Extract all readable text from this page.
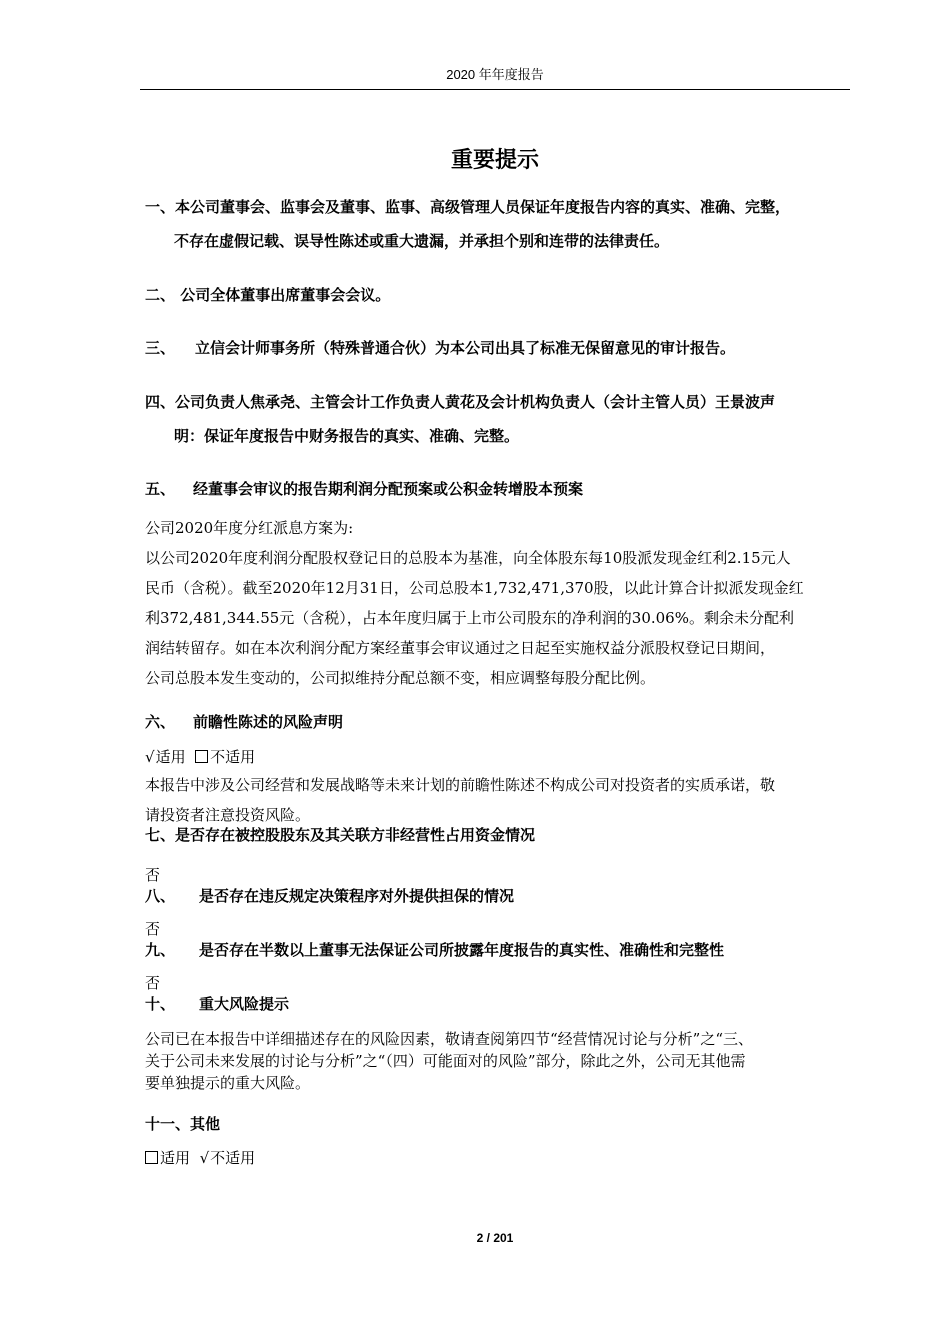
2020 年年度报告
重要提示
一、本公司董事会、监事会及董事、监事、高级管理人员保证年度报告内容的真实、准确、完整，
不存在虚假记载、误导性陈述或重大遗漏，并承担个别和连带的法律责任。
二、 公司全体董事出席董事会会议。
三、 立信会计师事务所（特殊普通合伙）为本公司出具了标准无保留意见的审计报告。
四、公司负责人焦承尧、主管会计工作负责人黄花及会计机构负责人（会计主管人员）王景波声
明：保证年度报告中财务报告的真实、准确、完整。
五、 经董事会审议的报告期利润分配预案或公积金转增股本预案
公司2020年度分红派息方案为:
以公司2020年度利润分配股权登记日的总股本为基准，向全体股东每10股派发现金红利2.15元人
民币（含税）。截至2020年12月31日，公司总股本1,732,471,370股，以此计算合计拟派发现金红
利372,481,344.55元（含税），占本年度归属于上市公司股东的净利润的30.06%。剩余未分配利
润结转留存。如在本次利润分配方案经董事会审议通过之日起至实施权益分派股权登记日期间，
公司总股本发生变动的，公司拟维持分配总额不变，相应调整每股分配比例。
六、 前瞻性陈述的风险声明
√适用 不适用
本报告中涉及公司经营和发展战略等未来计划的前瞻性陈述不构成公司对投资者的实质承诺，敬
请投资者注意投资风险。
七、是否存在被控股股东及其关联方非经营性占用资金情况
否
八、 是否存在违反规定决策程序对外提供担保的情况
否
九、 是否存在半数以上董事无法保证公司所披露年度报告的真实性、准确性和完整性
否
十、 重大风险提示
公司已在本报告中详细描述存在的风险因素，敬请查阅第四节“经营情况讨论与分析”之“三、
关于公司未来发展的讨论与分析”之“（四）可能面对的风险”部分，除此之外，公司无其他需
要单独提示的重大风险。
十一、其他
适用 √不适用
2 / 201
